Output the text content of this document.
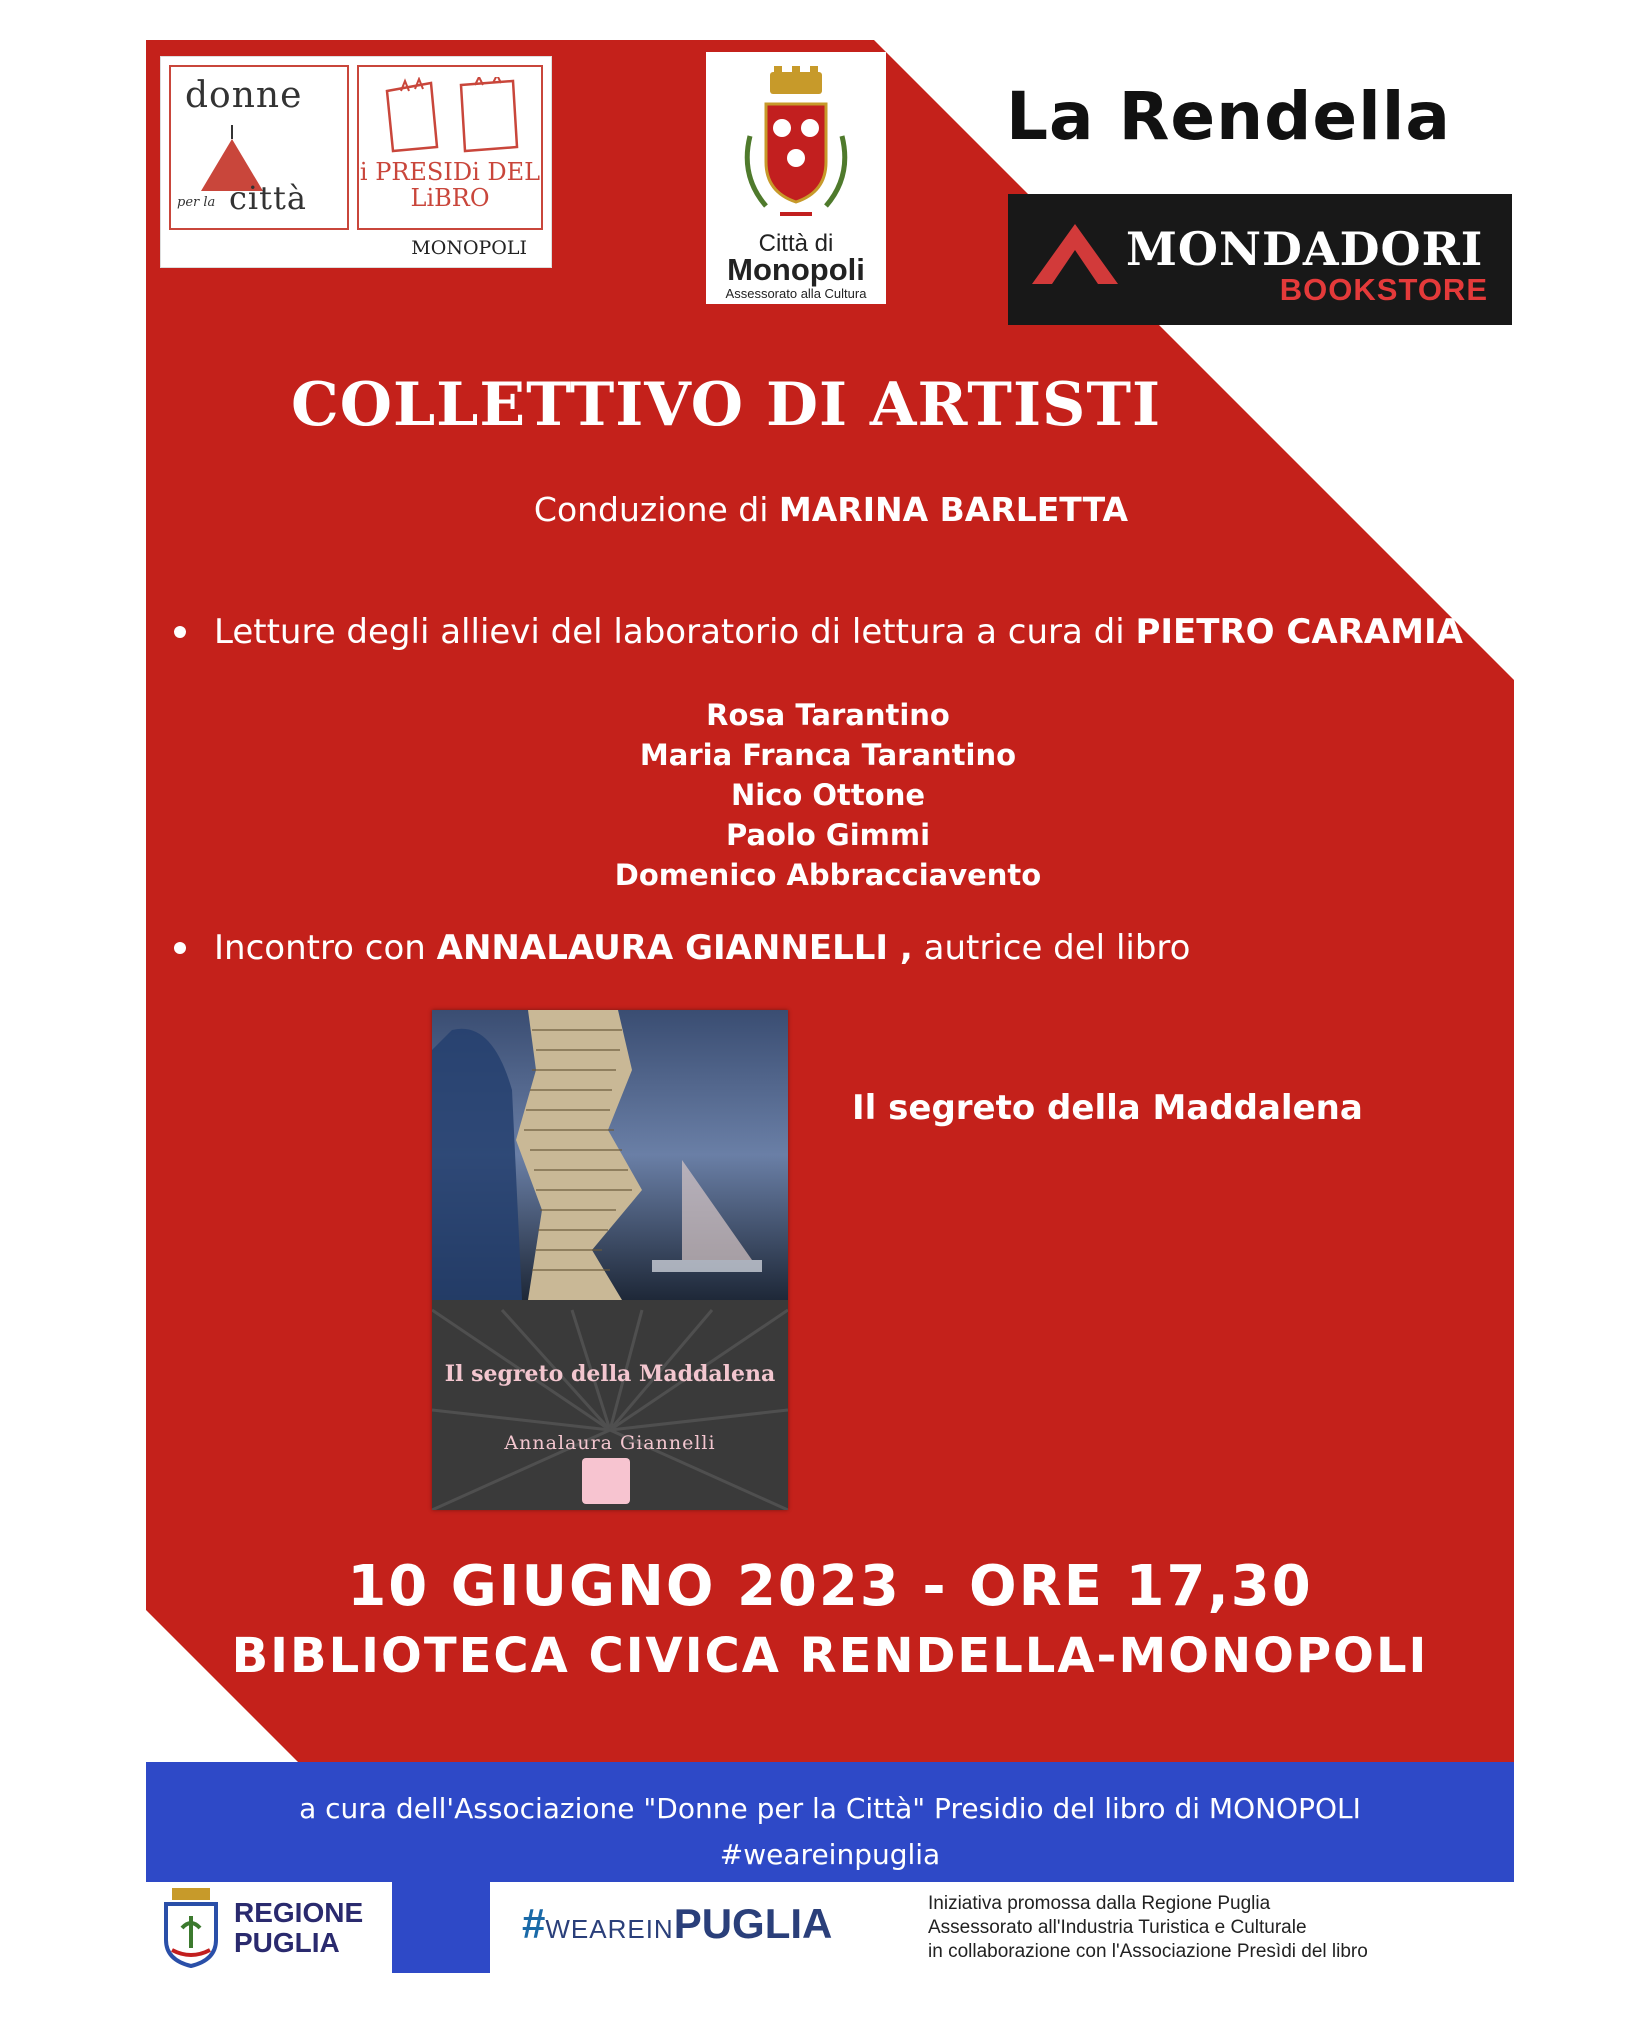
donne
per la città
i PRESIDi DEL LiBRO
MONOPOLI	Città di
Monopoli
Assessorato alla Cultura
La Rendella
MONDADORI
BOOKSTORE
COLLETTIVO DI ARTISTI
Conduzione di MARINA BARLETTA
Letture degli allievi del laboratorio di lettura a cura di PIETRO CARAMIA
Rosa Tarantino
Maria Franca Tarantino
Nico Ottone
Paolo Gimmi
Domenico Abbracciavento
Incontro con ANNALAURA GIANNELLI , autrice del libro
Il segreto della Maddalena
Annalaura Giannelli
Il segreto della Maddalena
10 GIUGNO 2023 - ORE 17,30
BIBLIOTECA CIVICA RENDELLA-MONOPOLI
a cura dell'Associazione "Donne per la Città" Presidio del libro di MONOPOLI
#weareinpuglia
REGIONE
PUGLIA	#WEAREINPUGLIA	Iniziativa promossa dalla Regione Puglia
Assessorato all'Industria Turistica e Culturale
in collaborazione con l'Associazione Presìdi del libro
